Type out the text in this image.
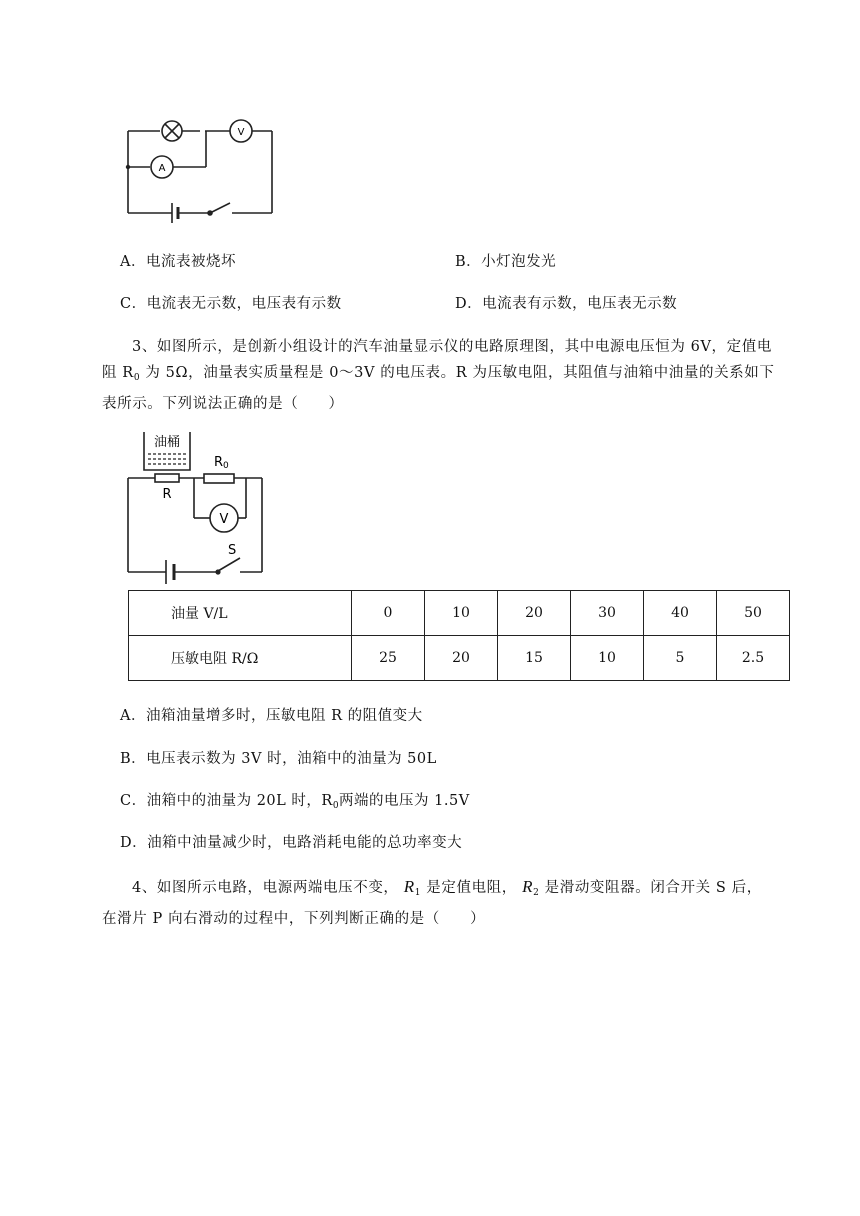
V
A
A．电流表被烧坏	B．小灯泡发光
C．电流表无示数，电压表有示数	D．电流表有示数，电压表无示数
3、如图所示，是创新小组设计的汽车油量显示仪的电路原理图，其中电源电压恒为 6V，定值电
阻 $R_0$ 为 5Ω，油量表实质量程是 0～3V 的电压表。R 为压敏电阻，其阻值与油箱中油量的关系如下
表所示。下列说法正确的是（　　）
油桶
R0
R
V
S
油量 V/L	0	10	20	30	40	50
压敏电阻 R/Ω	25	20	15	10	5	2.5
A．油箱油量增多时，压敏电阻 R 的阻值变大
B．电压表示数为 3V 时，油箱中的油量为 50L
C．油箱中的油量为 20L 时，$R_0$两端的电压为 1.5V
D．油箱中油量减少时，电路消耗电能的总功率变大
4、如图所示电路，电源两端电压不变， $R_1$ 是定值电阻， $R_2$ 是滑动变阻器。闭合开关 S 后，
在滑片 P 向右滑动的过程中，下列判断正确的是（　　）
